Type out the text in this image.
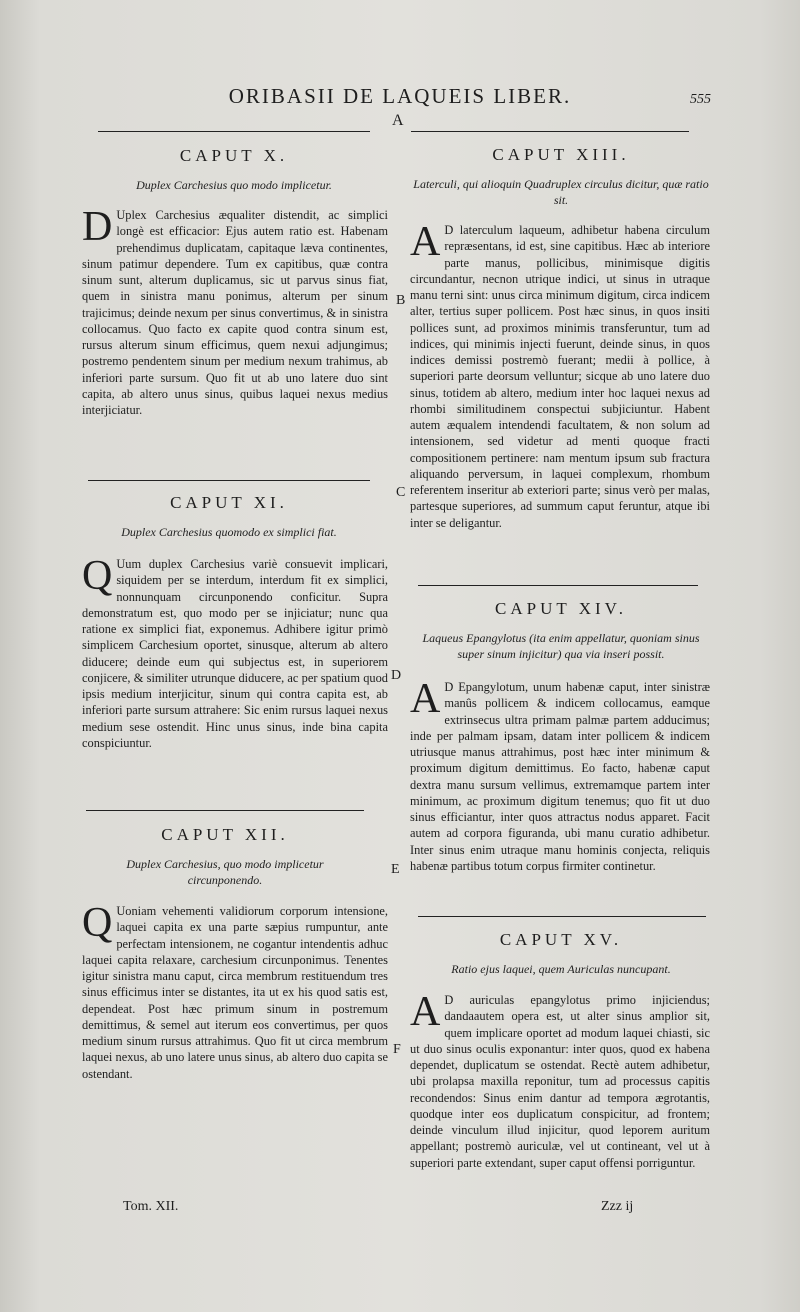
ORIBASII DE LAQUEIS LIBER.	555
A
CAPUT X.
Duplex Carchesius quo modo implicetur.
D Uplex Carchesius æqualiter distendit, ac simplici longè est efficacior: Ejus autem ratio est. Habenam prehendimus duplicatam, capitaque læva continentes, sinum patimur dependere. Tum ex capitibus, quæ contra sinum sunt, alterum duplicamus, sic ut parvus sinus fiat, quem in sinistra manu ponimus, alterum per sinum trajicimus; deinde nexum per sinus convertimus, & in sinistra collocamus. Quo facto ex capite quod contra sinum est, rursus alterum sinum efficimus, quem nexui adjungimus; postremo pendentem sinum per medium nexum trahimus, ab inferiori parte sursum. Quo fit ut ab uno latere duo sint capita, ab altero unus sinus, quibus laquei nexus medius interjiciatur.
CAPUT XI.
Duplex Carchesius quomodo ex simplici fiat.
Q Uum duplex Carchesius variè consuevit implicari, siquidem per se interdum, interdum fit ex simplici, nonnunquam circunponendo conficitur. Supra demonstratum est, quo modo per se injiciatur; nunc qua ratione ex simplici fiat, exponemus. Adhibere igitur primò simplicem Carchesium oportet, sinusque, alterum ab altero diducere; deinde eum qui subjectus est, in superiorem conjicere, & similiter utrunque diducere, ac per spatium quod ipsis medium interjicitur, sinum qui contra capita est, ab inferiori parte sursum attrahere: Sic enim rursus laquei nexus medium sese ostendit. Hinc unus sinus, inde bina capita conspiciuntur.
CAPUT XII.
Duplex Carchesius, quo modo implicetur circunponendo.
Q Uoniam vehementi validiorum corporum intensione, laquei capita ex una parte sæpius rumpuntur, ante perfectam intensionem, ne cogantur intendentis adhuc laquei capita relaxare, carchesium circunponimus. Tenentes igitur sinistra manu caput, circa membrum restituendum tres sinus efficimus inter se distantes, ita ut ex his quod satis est, dependeat. Post hæc primum sinum in postremum demittimus, & semel aut iterum eos convertimus, per quos medium sinum rursus attrahimus. Quo fit ut circa membrum laquei nexus, ab uno latere unus sinus, ab altero duo capita se ostendant.
B
C
D
E
F
CAPUT XIII.
Laterculi, qui alioquin Quadruplex circulus dicitur, quæ ratio sit.
A D laterculum laqueum, adhibetur habena circulum repræsentans, id est, sine capitibus. Hæc ab interiore parte manus, pollicibus, minimisque digitis circundantur, necnon utrique indici, ut sinus in utraque manu terni sint: unus circa minimum digitum, circa indicem alter, tertius super pollicem. Post hæc sinus, in quos insiti pollices sunt, ad proximos minimis transferuntur, tum ad indices, qui minimis injecti fuerunt, deinde sinus, in quos indices demissi postremò fuerant; medii à pollice, à superiori parte deorsum velluntur; sicque ab uno latere duo sinus, totidem ab altero, medium inter hoc laquei nexus ad rhombi similitudinem conspectui subjiciuntur. Habent autem æqualem intendendi facultatem, & non solum ad intensionem, sed videtur ad menti quoque fracti compositionem pertinere: nam mentum ipsum sub fractura aliquando perversum, in laquei complexum, rhombum referentem inseritur ab exteriori parte; sinus verò per malas, partesque superiores, ad summum caput feruntur, atque ibi inter se deligantur.
CAPUT XIV.
Laqueus Epangylotus (ita enim appellatur, quoniam sinus super sinum injicitur) qua via inseri possit.
A D Epangylotum, unum habenæ caput, inter sinistræ manûs pollicem & indicem collocamus, eamque extrinsecus ultra primam palmæ partem adducimus; inde per palmam ipsam, datam inter pollicem & indicem utriusque manus attrahimus, post hæc inter minimum & proximum digitum demittimus. Eo facto, habenæ caput dextra manu sursum vellimus, extremamque partem inter minimum, ac proximum digitum tenemus; quo fit ut duo sinus efficiantur, inter quos attractus nodus apparet. Facit autem ad corpora figuranda, ubi manu curatio adhibetur. Inter sinus enim utraque manu hominis conjecta, reliquis habenæ partibus totum corpus firmiter continetur.
CAPUT XV.
Ratio ejus laquei, quem Auriculas nuncupant.
A D auriculas epangylotus primo injiciendus; dandaautem opera est, ut alter sinus amplior sit, quem implicare oportet ad modum laquei chiasti, sic ut duo sinus oculis exponantur: inter quos, quod ex habena dependet, duplicatum se ostendat. Rectè autem adhibetur, ubi prolapsa maxilla reponitur, tum ad processus capitis recondendos: Sinus enim dantur ad tempora ægrotantis, quodque inter eos duplicatum conspicitur, ad frontem; deinde vinculum illud injicitur, quod leporem auritum appellant; postremò auriculæ, vel ut contineant, vel ut à superiori parte extendant, super caput offensi porriguntur.
Tom. XII.	Zzz ij
